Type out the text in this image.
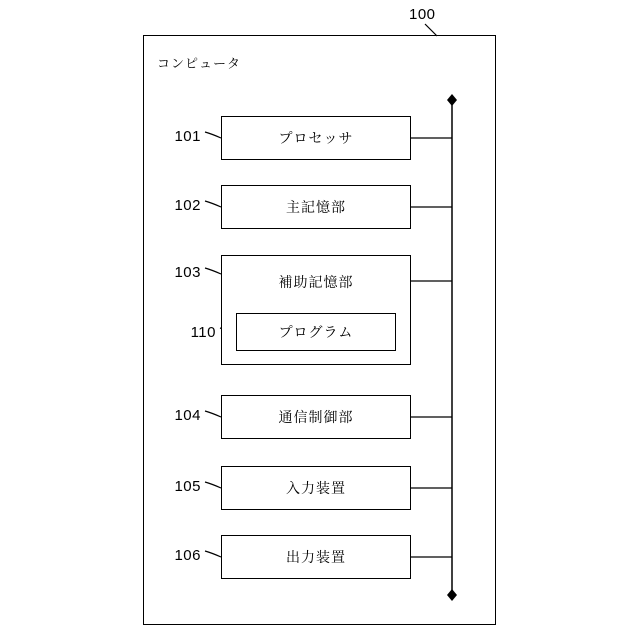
100
コンピュータ
101
102
103
110
104
105
106
プロセッサ
主記憶部
補助記憶部
プログラム
通信制御部
入力装置
出力装置
